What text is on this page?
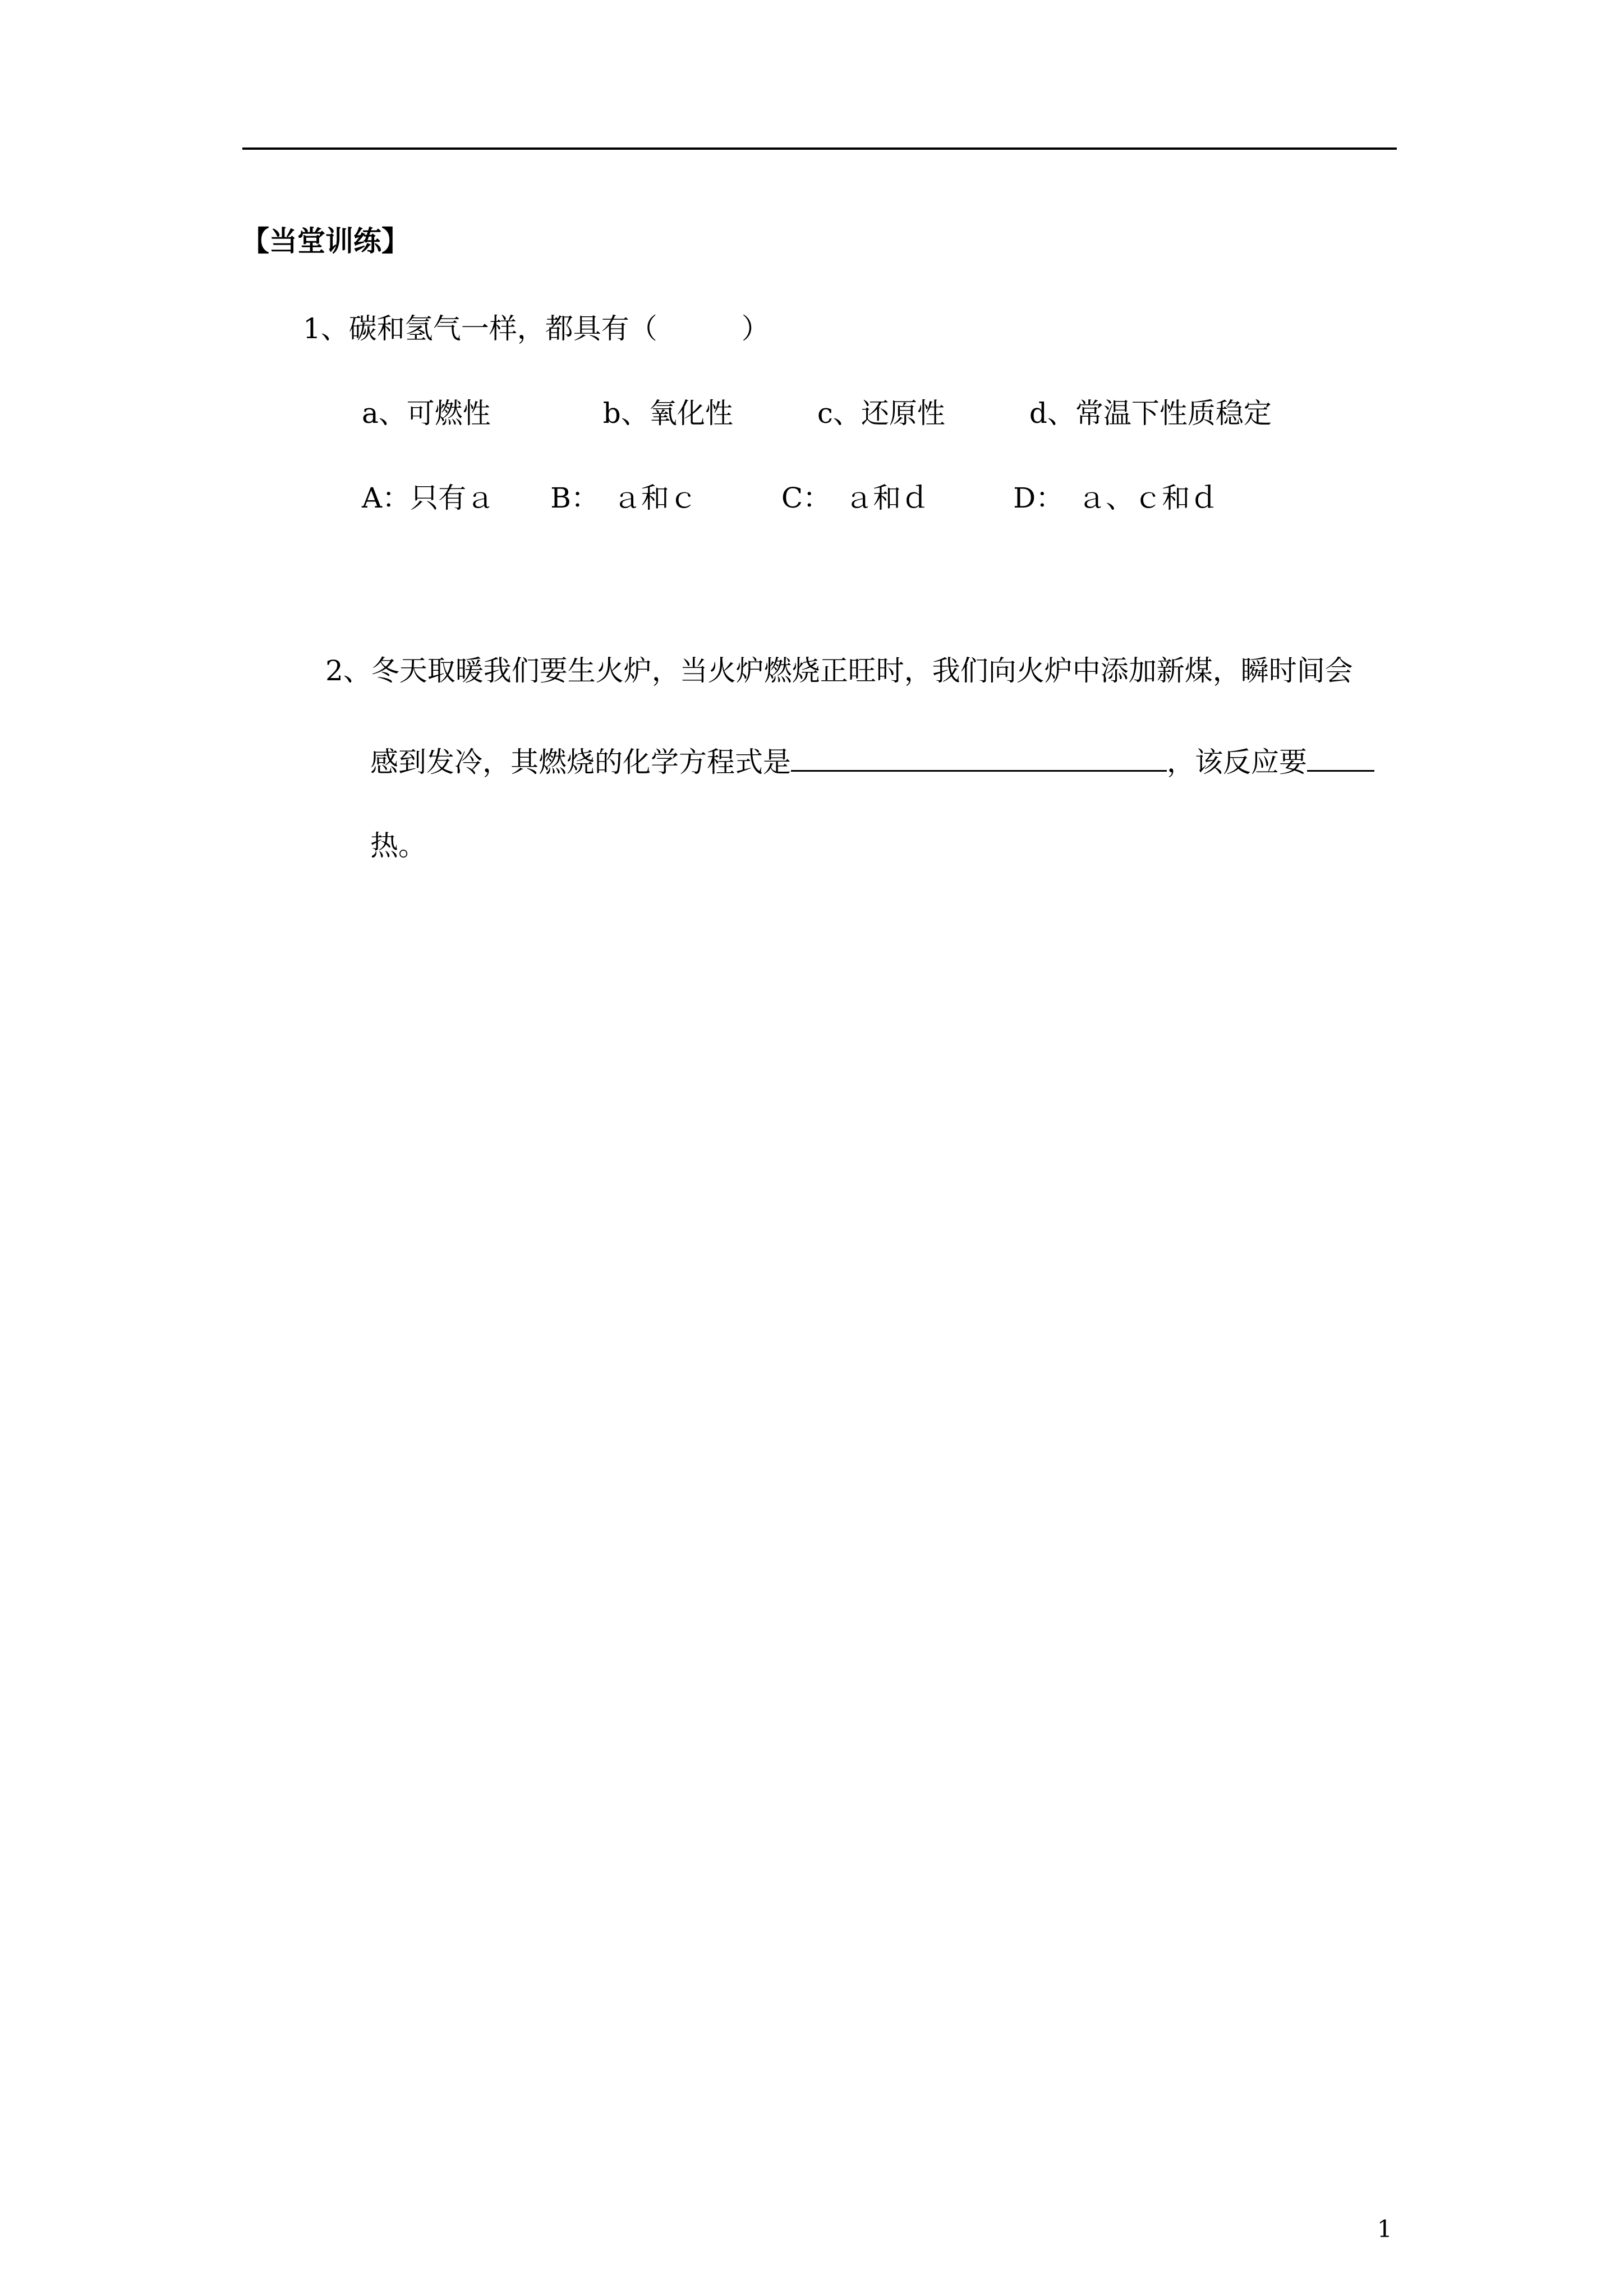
【当堂训练】
1、碳和氢气一样，都具有（　　　）
a、可燃性　　　　b、氧化性　　　c、还原性　　　d、常温下性质稳定
A：只有ａ　　B：　ａ和ｃ　　　C：　ａ和ｄ　　　D：　ａ、ｃ和ｄ
2、冬天取暖我们要生火炉，当火炉燃烧正旺时，我们向火炉中添加新煤，瞬时间会
感到发冷，其燃烧的化学方程式是	，该反应要
热。
1
